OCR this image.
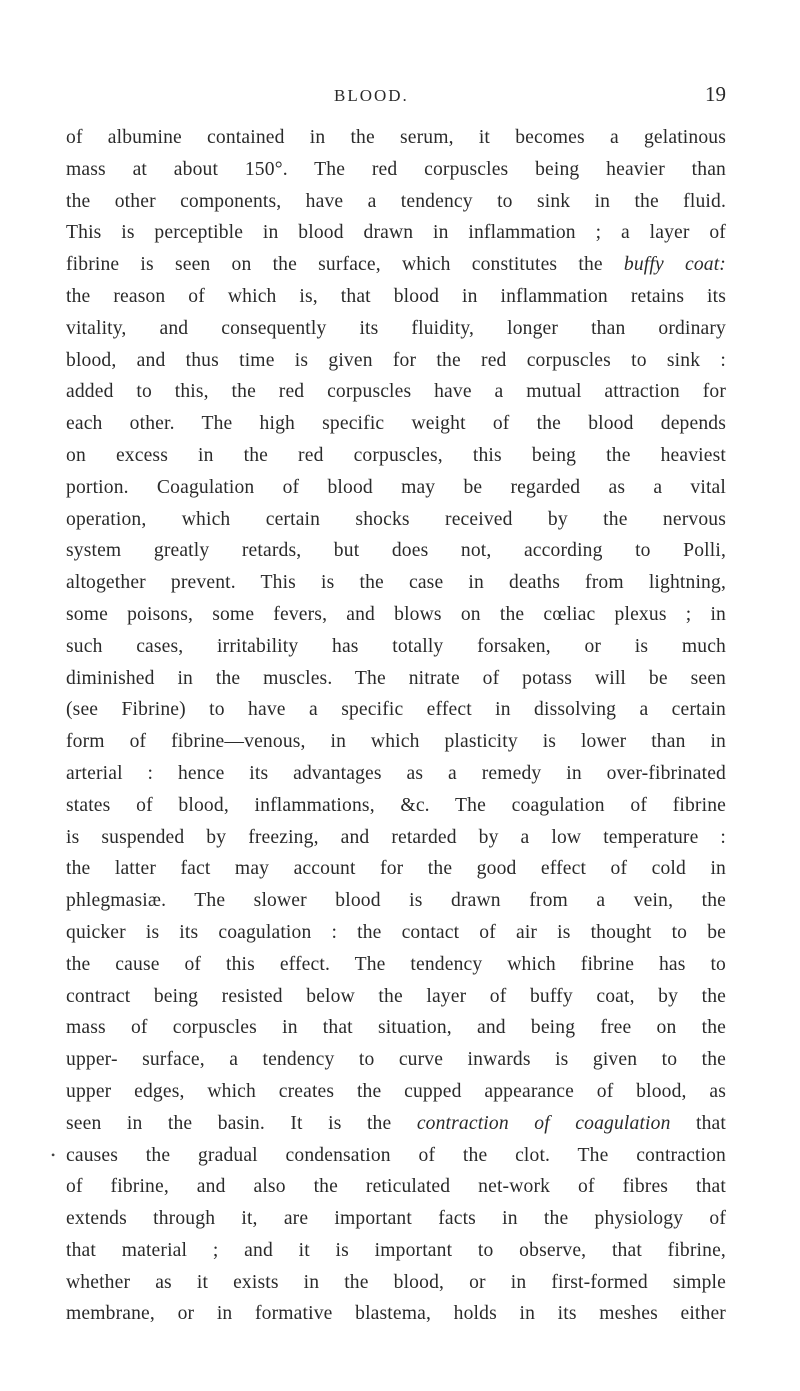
BLOOD.	19
of albumine contained in the serum, it becomes a gelatinous
mass at about 150°. The red corpuscles being heavier than
the other components, have a tendency to sink in the fluid.
This is perceptible in blood drawn in inflammation ; a layer of
fibrine is seen on the surface, which constitutes the buffy coat:
the reason of which is, that blood in inflammation retains its
vitality, and consequently its fluidity, longer than ordinary
blood, and thus time is given for the red corpuscles to sink :
added to this, the red corpuscles have a mutual attraction for
each other. The high specific weight of the blood depends
on excess in the red corpuscles, this being the heaviest
portion. Coagulation of blood may be regarded as a vital
operation, which certain shocks received by the nervous
system greatly retards, but does not, according to Polli,
altogether prevent. This is the case in deaths from lightning,
some poisons, some fevers, and blows on the cœliac plexus ; in
such cases, irritability has totally forsaken, or is much
diminished in the muscles. The nitrate of potass will be seen
(see Fibrine) to have a specific effect in dissolving a certain
form of fibrine—venous, in which plasticity is lower than in
arterial : hence its advantages as a remedy in over-fibrinated
states of blood, inflammations, &c. The coagulation of fibrine
is suspended by freezing, and retarded by a low temperature :
the latter fact may account for the good effect of cold in
phlegmasiæ. The slower blood is drawn from a vein, the
quicker is its coagulation : the contact of air is thought to be
the cause of this effect. The tendency which fibrine has to
contract being resisted below the layer of buffy coat, by the
mass of corpuscles in that situation, and being free on the
upper- surface, a tendency to curve inwards is given to the
upper edges, which creates the cupped appearance of blood, as
seen in the basin. It is the contraction of coagulation that
causes the gradual condensation of the clot. The contraction
•
of fibrine, and also the reticulated net-work of fibres that
extends through it, are important facts in the physiology of
that material ; and it is important to observe, that fibrine,
whether as it exists in the blood, or in first-formed simple
membrane, or in formative blastema, holds in its meshes either
